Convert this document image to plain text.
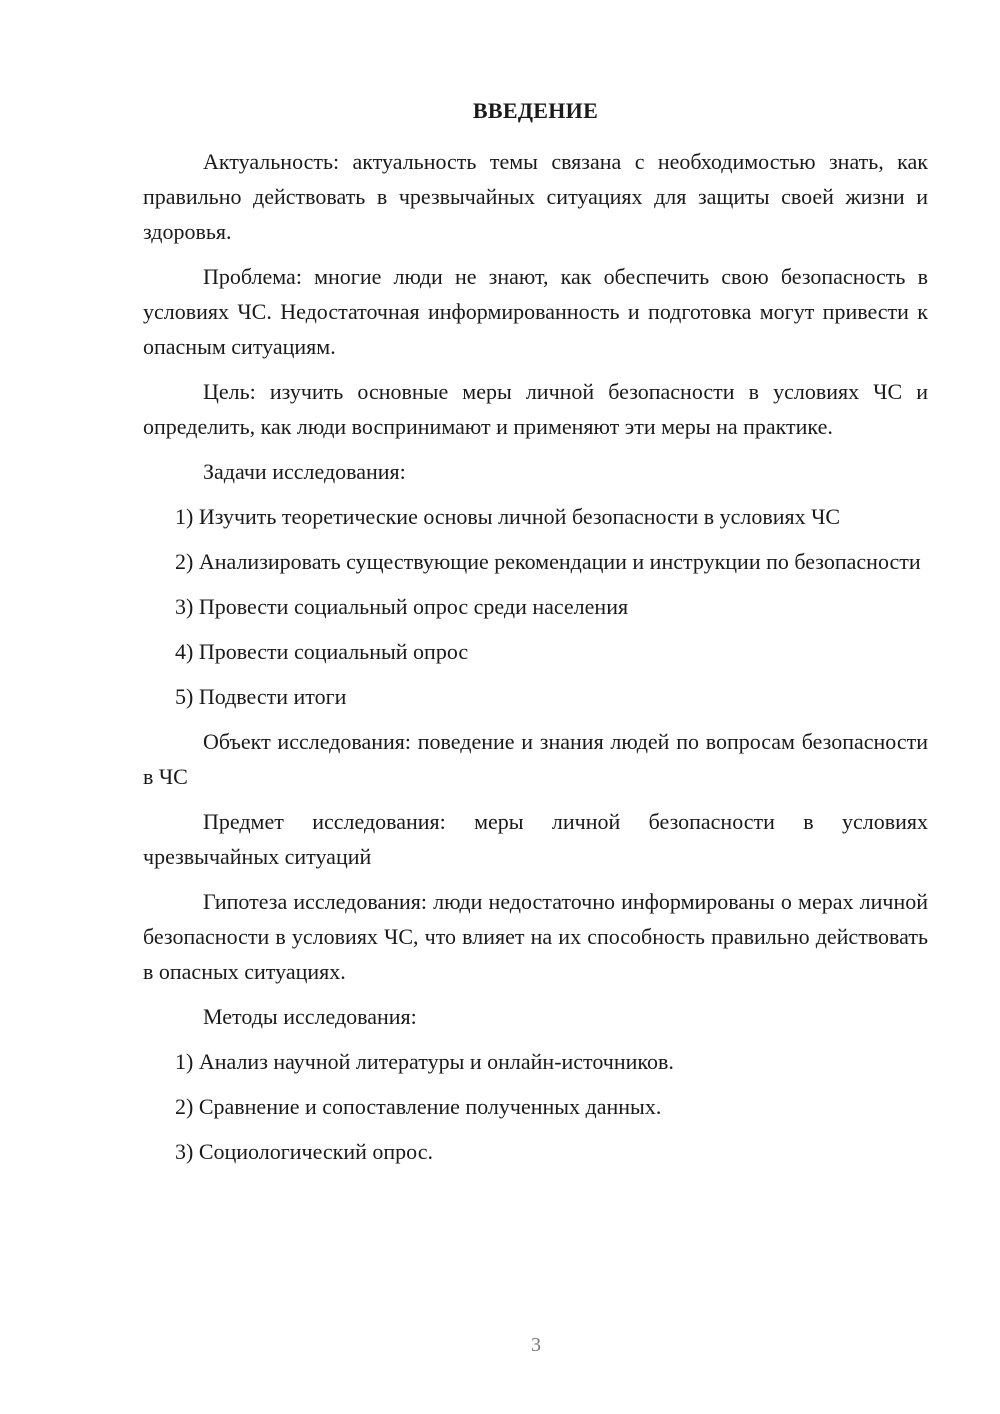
ВВЕДЕНИЕ

Актуальность: актуальность темы связана с необходимостью знать, как правильно действовать в чрезвычайных ситуациях для защиты своей жизни и здоровья.

Проблема: многие люди не знают, как обеспечить свою безопасность в условиях ЧС. Недостаточная информированность и подготовка могут привести к опасным ситуациям.

Цель: изучить основные меры личной безопасности в условиях ЧС и определить, как люди воспринимают и применяют эти меры на практике.

Задачи исследования:

1) Изучить теоретические основы личной безопасности в условиях ЧС

2) Анализировать существующие рекомендации и инструкции по безопасности

3) Провести социальный опрос среди населения

4) Провести социальный опрос

5) Подвести итоги

Объект исследования: поведение и знания людей по вопросам безопасности в ЧС

Предмет исследования: меры личной безопасности в условиях чрезвычайных ситуаций

Гипотеза исследования: люди недостаточно информированы о мерах личной безопасности в условиях ЧС, что влияет на их способность правильно действовать в опасных ситуациях.

Методы исследования:

1) Анализ научной литературы и онлайн-источников.

2) Сравнение и сопоставление полученных данных.

3) Социологический опрос.

3
